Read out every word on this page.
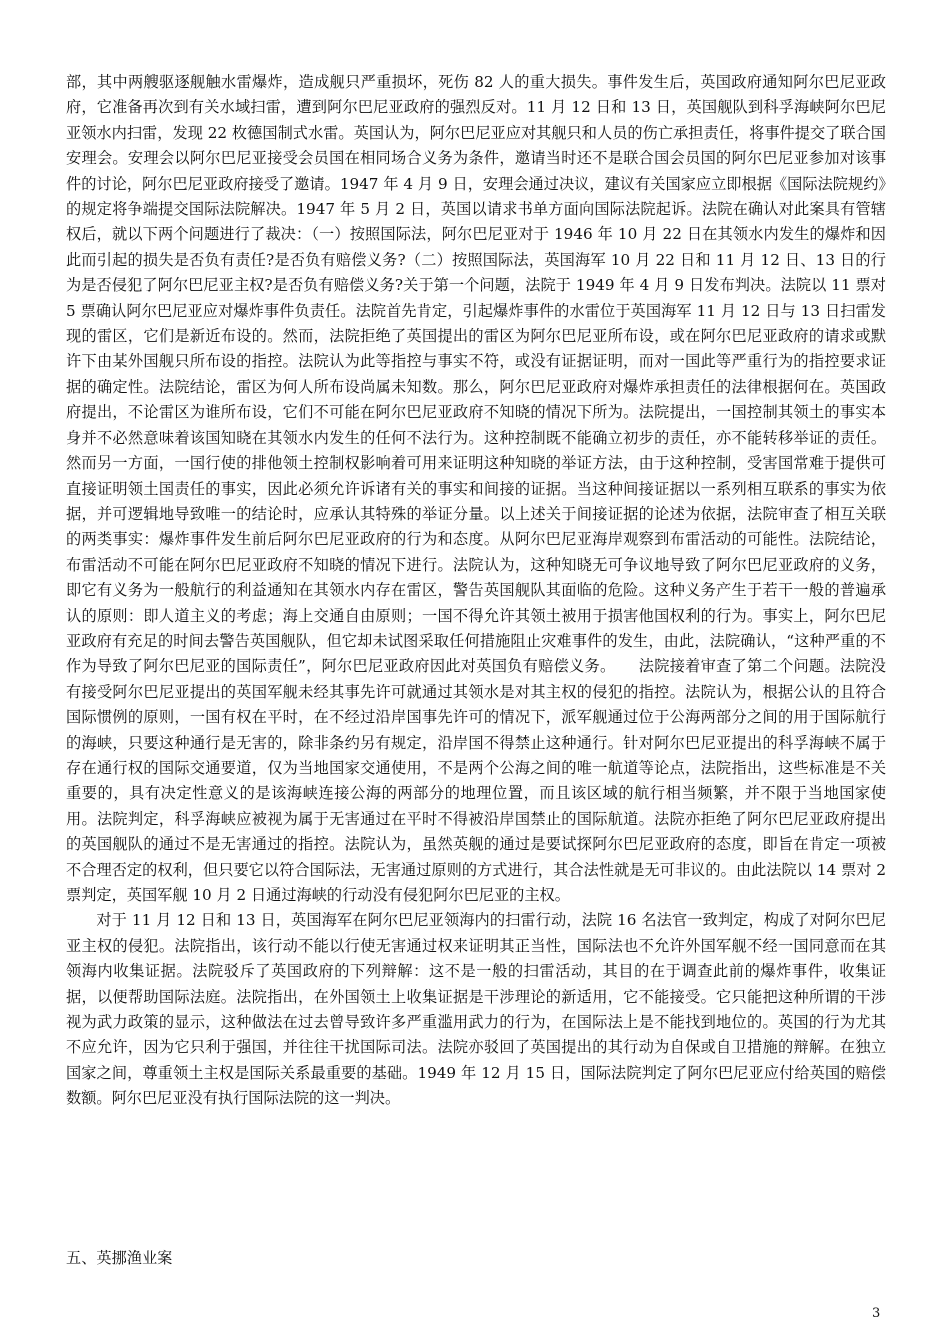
部，其中两艘驱逐舰触水雷爆炸，造成舰只严重损坏，死伤 82 人的重大损失。事件发生后，英国政府通知阿尔巴尼亚政府，它准备再次到有关水域扫雷，遭到阿尔巴尼亚政府的强烈反对。11 月 12 日和 13 日，英国舰队到科孚海峡阿尔巴尼亚领水内扫雷，发现 22 枚德国制式水雷。英国认为，阿尔巴尼亚应对其舰只和人员的伤亡承担责任，将事件提交了联合国安理会。安理会以阿尔巴尼亚接受会员国在相同场合义务为条件，邀请当时还不是联合国会员国的阿尔巴尼亚参加对该事件的讨论，阿尔巴尼亚政府接受了邀请。1947 年 4 月 9 日，安理会通过决议，建议有关国家应立即根据《国际法院规约》的规定将争端提交国际法院解决。1947 年 5 月 2 日，英国以请求书单方面向国际法院起诉。法院在确认对此案具有管辖权后，就以下两个问题进行了裁决：（一）按照国际法，阿尔巴尼亚对于 1946 年 10 月 22 日在其领水内发生的爆炸和因此而引起的损失是否负有责任?是否负有赔偿义务?（二）按照国际法，英国海军 10 月 22 日和 11 月 12 日、13 日的行为是否侵犯了阿尔巴尼亚主权?是否负有赔偿义务?关于第一个问题，法院于 1949 年 4 月 9 日发布判决。法院以 11 票对 5 票确认阿尔巴尼亚应对爆炸事件负责任。法院首先肯定，引起爆炸事件的水雷位于英国海军 11 月 12 日与 13 日扫雷发现的雷区，它们是新近布设的。然而，法院拒绝了英国提出的雷区为阿尔巴尼亚所布设，或在阿尔巴尼亚政府的请求或默许下由某外国舰只所布设的指控。法院认为此等指控与事实不符，或没有证据证明，而对一国此等严重行为的指控要求证据的确定性。法院结论，雷区为何人所布设尚属未知数。那么，阿尔巴尼亚政府对爆炸承担责任的法律根据何在。英国政府提出，不论雷区为谁所布设，它们不可能在阿尔巴尼亚政府不知晓的情况下所为。法院提出，一国控制其领土的事实本身并不必然意味着该国知晓在其领水内发生的任何不法行为。这种控制既不能确立初步的责任，亦不能转移举证的责任。然而另一方面，一国行使的排他领土控制权影响着可用来证明这种知晓的举证方法，由于这种控制，受害国常难于提供可直接证明领土国责任的事实，因此必须允许诉诸有关的事实和间接的证据。当这种间接证据以一系列相互联系的事实为依据，并可逻辑地导致唯一的结论时，应承认其特殊的举证分量。以上述关于间接证据的论述为依据，法院审查了相互关联的两类事实：爆炸事件发生前后阿尔巴尼亚政府的行为和态度。从阿尔巴尼亚海岸观察到布雷活动的可能性。法院结论，布雷活动不可能在阿尔巴尼亚政府不知晓的情况下进行。法院认为，这种知晓无可争议地导致了阿尔巴尼亚政府的义务，即它有义务为一般航行的利益通知在其领水内存在雷区，警告英国舰队其面临的危险。这种义务产生于若干一般的普遍承认的原则：即人道主义的考虑；海上交通自由原则；一国不得允许其领土被用于损害他国权利的行为。事实上，阿尔巴尼亚政府有充足的时间去警告英国舰队，但它却未试图采取任何措施阻止灾难事件的发生，由此，法院确认，“这种严重的不作为导致了阿尔巴尼亚的国际责任”，阿尔巴尼亚政府因此对英国负有赔偿义务。　　法院接着审查了第二个问题。法院没有接受阿尔巴尼亚提出的英国军舰未经其事先许可就通过其领水是对其主权的侵犯的指控。法院认为，根据公认的且符合国际惯例的原则，一国有权在平时，在不经过沿岸国事先许可的情况下，派军舰通过位于公海两部分之间的用于国际航行的海峡，只要这种通行是无害的，除非条约另有规定，沿岸国不得禁止这种通行。针对阿尔巴尼亚提出的科孚海峡不属于存在通行权的国际交通要道，仅为当地国家交通使用，不是两个公海之间的唯一航道等论点，法院指出，这些标准是不关重要的，具有决定性意义的是该海峡连接公海的两部分的地理位置，而且该区域的航行相当频繁，并不限于当地国家使用。法院判定，科孚海峡应被视为属于无害通过在平时不得被沿岸国禁止的国际航道。法院亦拒绝了阿尔巴尼亚政府提出的英国舰队的通过不是无害通过的指控。法院认为，虽然英舰的通过是要试探阿尔巴尼亚政府的态度，即旨在肯定一项被不合理否定的权利，但只要它以符合国际法，无害通过原则的方式进行，其合法性就是无可非议的。由此法院以 14 票对 2 票判定，英国军舰 10 月 2 日通过海峡的行动没有侵犯阿尔巴尼亚的主权。

对于 11 月 12 日和 13 日，英国海军在阿尔巴尼亚领海内的扫雷行动，法院 16 名法官一致判定，构成了对阿尔巴尼亚主权的侵犯。法院指出，该行动不能以行使无害通过权来证明其正当性，国际法也不允许外国军舰不经一国同意而在其领海内收集证据。法院驳斥了英国政府的下列辩解：这不是一般的扫雷活动，其目的在于调查此前的爆炸事件，收集证据，以便帮助国际法庭。法院指出，在外国领土上收集证据是干涉理论的新适用，它不能接受。它只能把这种所谓的干涉视为武力政策的显示，这种做法在过去曾导致许多严重滥用武力的行为，在国际法上是不能找到地位的。英国的行为尤其不应允许，因为它只利于强国，并往往干扰国际司法。法院亦驳回了英国提出的其行动为自保或自卫措施的辩解。在独立国家之间，尊重领土主权是国际关系最重要的基础。1949 年 12 月 15 日，国际法院判定了阿尔巴尼亚应付给英国的赔偿数额。阿尔巴尼亚没有执行国际法院的这一判决。

五、英挪渔业案
3
